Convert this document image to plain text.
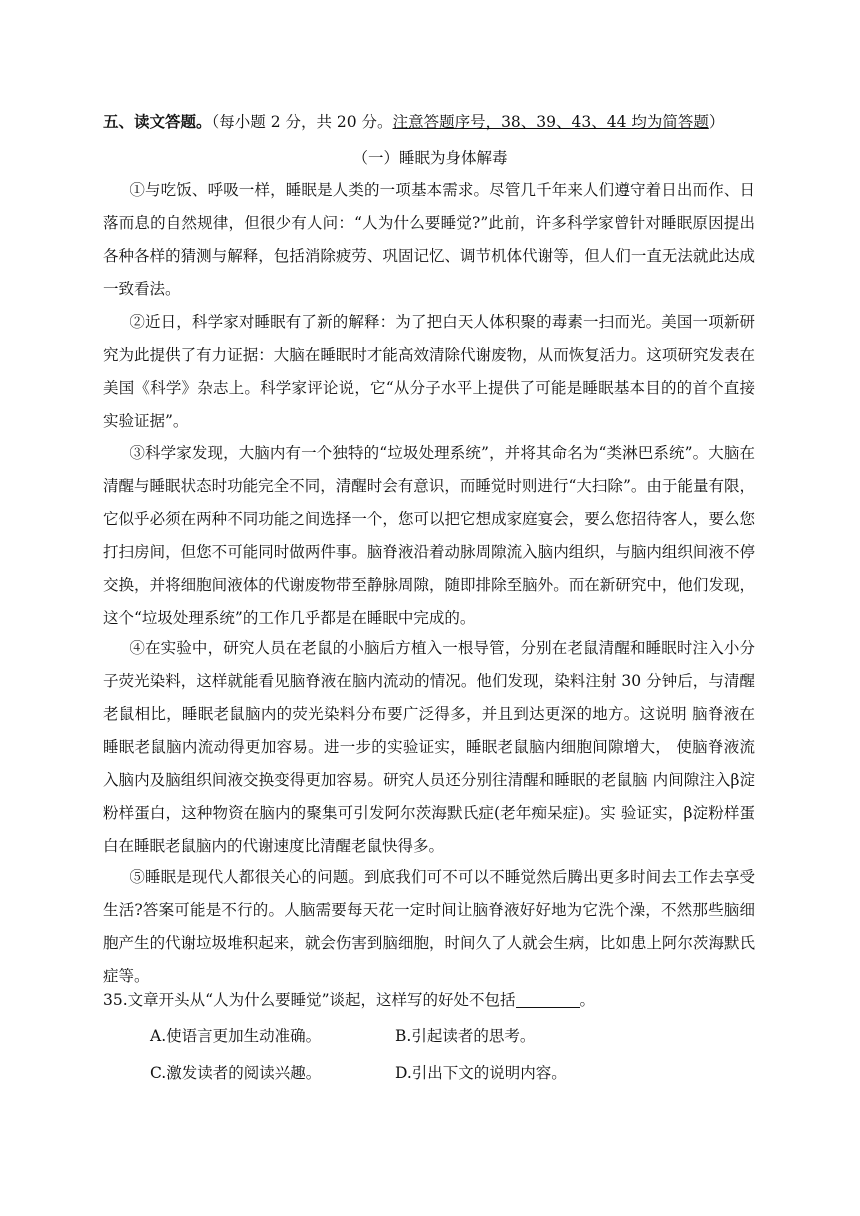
五、读文答题。（每小题 2 分，共 20 分。注意答题序号，38、39、43、44 均为简答题）
（一）睡眠为身体解毒

①与吃饭、呼吸一样，睡眠是人类的一项基本需求。尽管几千年来人们遵守着日出而作、日落而息的自然规律，但很少有人问：“人为什么要睡觉?”此前，许多科学家曾针对睡眠原因提出各种各样的猜测与解释，包括消除疲劳、巩固记忆、调节机体代谢等，但人们一直无法就此达成一致看法。

②近日，科学家对睡眠有了新的解释：为了把白天人体积聚的毒素一扫而光。美国一项新研究为此提供了有力证据：大脑在睡眠时才能高效清除代谢废物，从而恢复活力。这项研究发表在美国《科学》杂志上。科学家评论说，它“从分子水平上提供了可能是睡眠基本目的的首个直接实验证据”。

③科学家发现，大脑内有一个独特的“垃圾处理系统”，并将其命名为“类淋巴系统”。大脑在清醒与睡眠状态时功能完全不同，清醒时会有意识，而睡觉时则进行“大扫除”。由于能量有限，它似乎必须在两种不同功能之间选择一个，您可以把它想成家庭宴会，要么您招待客人，要么您打扫房间，但您不可能同时做两件事。脑脊液沿着动脉周隙流入脑内组织，与脑内组织间液不停交换，并将细胞间液体的代谢废物带至静脉周隙，随即排除至脑外。而在新研究中，他们发现，这个“垃圾处理系统”的工作几乎都是在睡眠中完成的。

④在实验中，研究人员在老鼠的小脑后方植入一根导管，分别在老鼠清醒和睡眠时注入小分子荧光染料，这样就能看见脑脊液在脑内流动的情况。他们发现，染料注射 30 分钟后，与清醒老鼠相比，睡眠老鼠脑内的荧光染料分布要广泛得多，并且到达更深的地方。这说明 脑脊液在睡眠老鼠脑内流动得更加容易。进一步的实验证实，睡眠老鼠脑内细胞间隙增大， 使脑脊液流入脑内及脑组织间液交换变得更加容易。研究人员还分别往清醒和睡眠的老鼠脑 内间隙注入β淀粉样蛋白，这种物资在脑内的聚集可引发阿尔茨海默氏症(老年痴呆症)。实 验证实，β淀粉样蛋白在睡眠老鼠脑内的代谢速度比清醒老鼠快得多。

⑤睡眠是现代人都很关心的问题。到底我们可不可以不睡觉然后腾出更多时间去工作去享受生活?答案可能是不行的。人脑需要每天花一定时间让脑脊液好好地为它洗个澡，不然那些脑细胞产生的代谢垃圾堆积起来，就会伤害到脑细胞，时间久了人就会生病，比如患上阿尔茨海默氏症等。

35.文章开头从“人为什么要睡觉”谈起，这样写的好处不包括	。
A.使语言更加生动准确。	B.引起读者的思考。
C.激发读者的阅读兴趣。	D.引出下文的说明内容。
